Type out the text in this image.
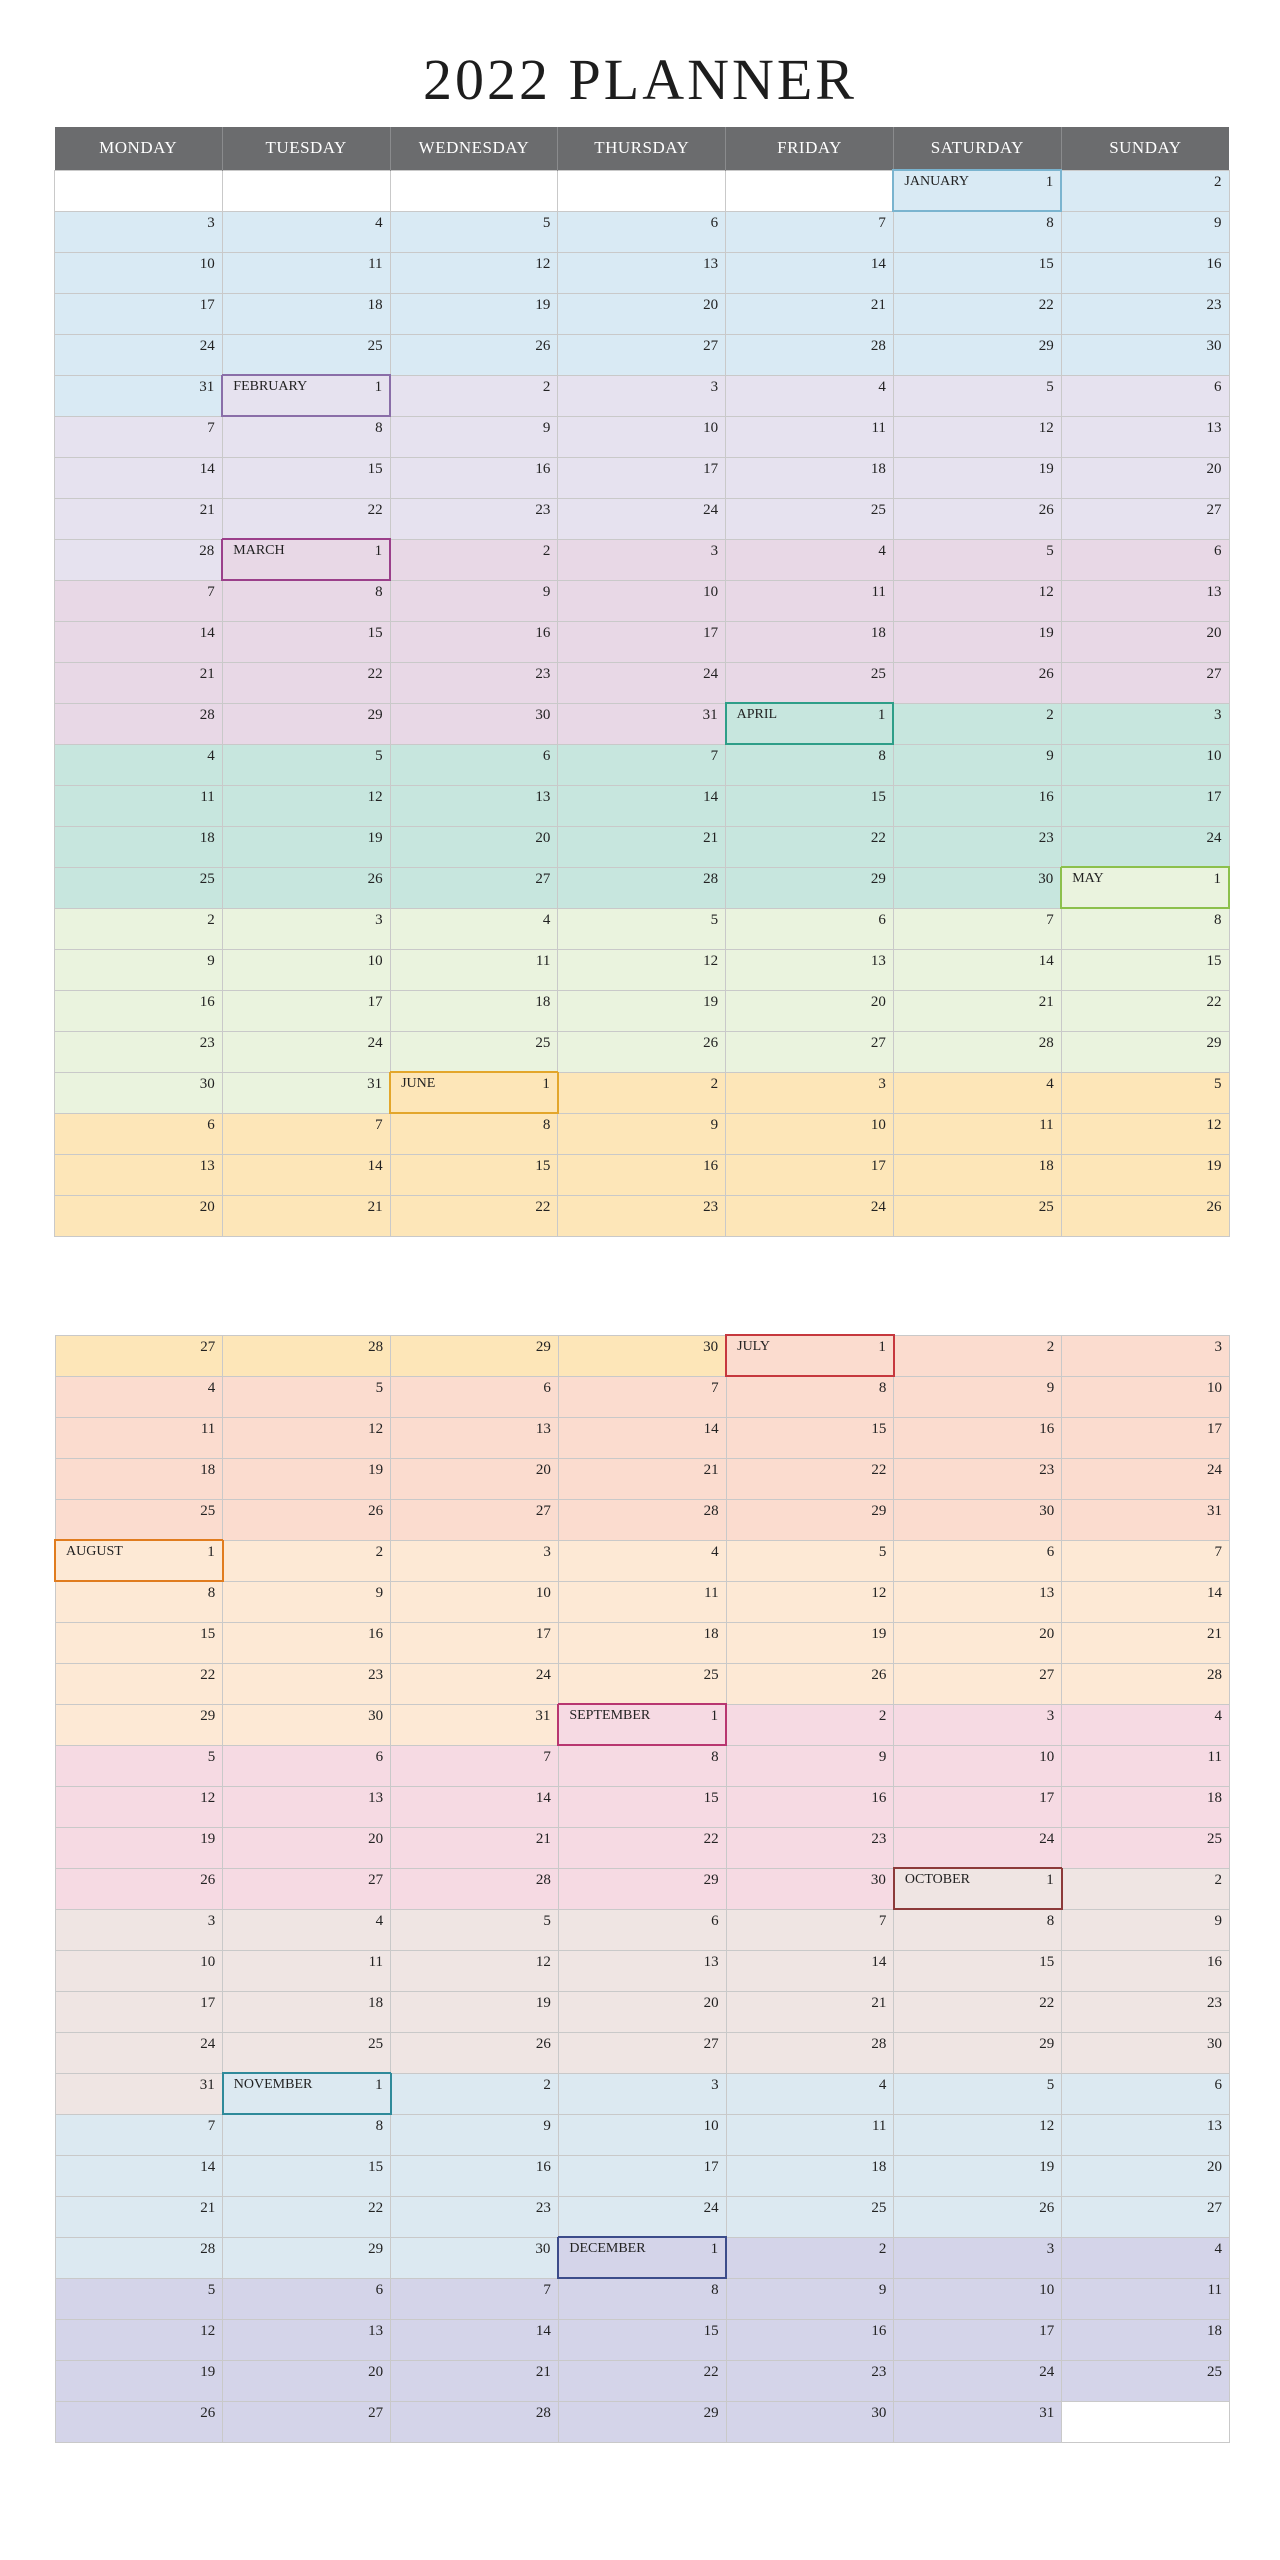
2022 PLANNER
MONDAY	TUESDAY	WEDNESDAY	THURSDAY	FRIDAY	SATURDAY	SUNDAY

					JANUARY 1	2

3	4	5	6	7	8	9

10	11	12	13	14	15	16

17	18	19	20	21	22	23

24	25	26	27	28	29	30

31	FEBRUARY 1	2	3	4	5	6

7	8	9	10	11	12	13

14	15	16	17	18	19	20

21	22	23	24	25	26	27

28	MARCH 1	2	3	4	5	6

7	8	9	10	11	12	13

14	15	16	17	18	19	20

21	22	23	24	25	26	27

28	29	30	31	APRIL 1	2	3

4	5	6	7	8	9	10

11	12	13	14	15	16	17

18	19	20	21	22	23	24

25	26	27	28	29	30	MAY 1

2	3	4	5	6	7	8

9	10	11	12	13	14	15

16	17	18	19	20	21	22

23	24	25	26	27	28	29

30	31	JUNE 1	2	3	4	5

6	7	8	9	10	11	12

13	14	15	16	17	18	19

20	21	22	23	24	25	26
27	28	29	30	JULY 1	2	3

4	5	6	7	8	9	10

11	12	13	14	15	16	17

18	19	20	21	22	23	24

25	26	27	28	29	30	31

AUGUST 1	2	3	4	5	6	7

8	9	10	11	12	13	14

15	16	17	18	19	20	21

22	23	24	25	26	27	28

29	30	31	SEPTEMBER 1	2	3	4

5	6	7	8	9	10	11

12	13	14	15	16	17	18

19	20	21	22	23	24	25

26	27	28	29	30	OCTOBER 1	2

3	4	5	6	7	8	9

10	11	12	13	14	15	16

17	18	19	20	21	22	23

24	25	26	27	28	29	30

31	NOVEMBER 1	2	3	4	5	6

7	8	9	10	11	12	13

14	15	16	17	18	19	20

21	22	23	24	25	26	27

28	29	30	DECEMBER 1	2	3	4

5	6	7	8	9	10	11

12	13	14	15	16	17	18

19	20	21	22	23	24	25

26	27	28	29	30	31	
